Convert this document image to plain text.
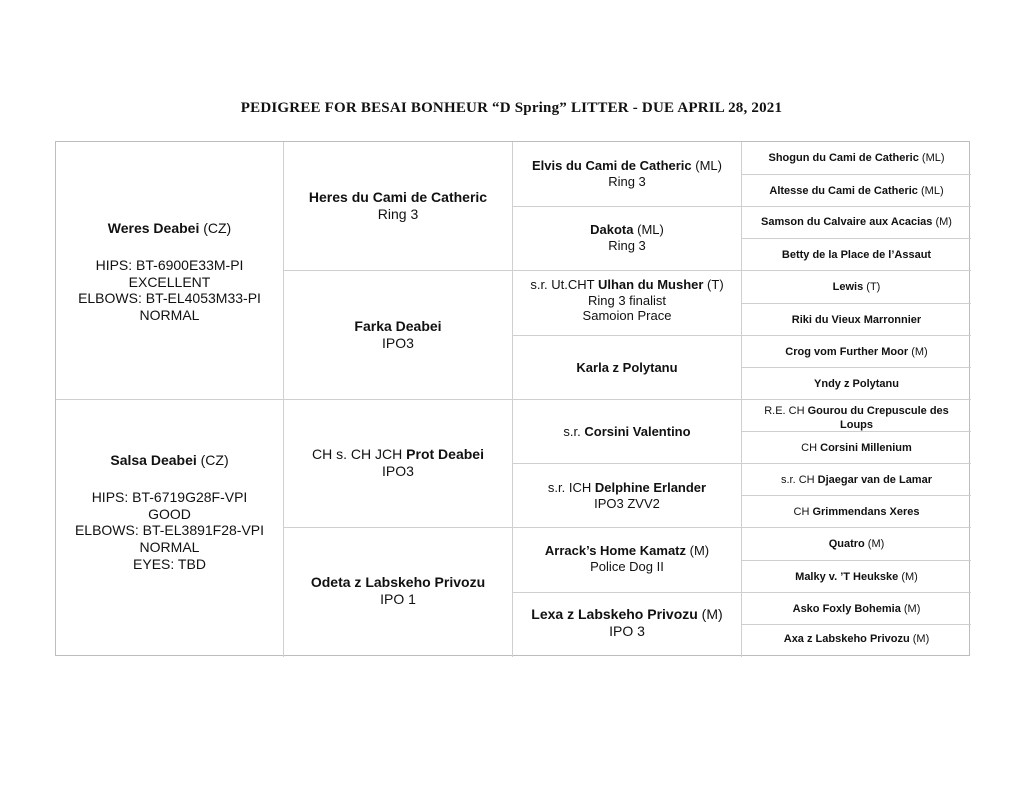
PEDIGREE FOR BESAI BONHEUR “D Spring” LITTER - DUE APRIL 28, 2021
Weres Deabei (CZ)
HIPS: BT-6900E33M-PI
EXCELLENT
ELBOWS: BT-EL4053M33-PI
NORMAL
Salsa Deabei (CZ)
HIPS: BT-6719G28F-VPI
GOOD
ELBOWS: BT-EL3891F28-VPI
NORMAL
EYES: TBD
Heres du Cami de Catheric
Ring 3
Farka Deabei
IPO3
CH s. CH JCH Prot Deabei
IPO3
Odeta z Labskeho Privozu
IPO 1
Elvis du Cami de Catheric (ML)
Ring 3
Dakota (ML)
Ring 3
s.r. Ut.CHT Ulhan du Musher (T)
Ring 3 finalist
Samoion Prace
Karla z Polytanu
s.r. Corsini Valentino
s.r. ICH Delphine Erlander
IPO3 ZVV2
Arrack’s Home Kamatz (M)
Police Dog II
Lexa z Labskeho Privozu (M)
IPO 3
Shogun du Cami de Catheric (ML)
Altesse du Cami de Catheric (ML)
Samson du Calvaire aux Acacias (M)
Betty de la Place de l’Assaut
Lewis (T)
Riki du Vieux Marronnier
Crog vom Further Moor (M)
Yndy z Polytanu
R.E. CH Gourou du Crepuscule des Loups
CH Corsini Millenium
s.r. CH Djaegar van de Lamar
CH Grimmendans Xeres
Quatro (M)
Malky v. ’T Heukske (M)
Asko Foxly Bohemia (M)
Axa z Labskeho Privozu (M)
